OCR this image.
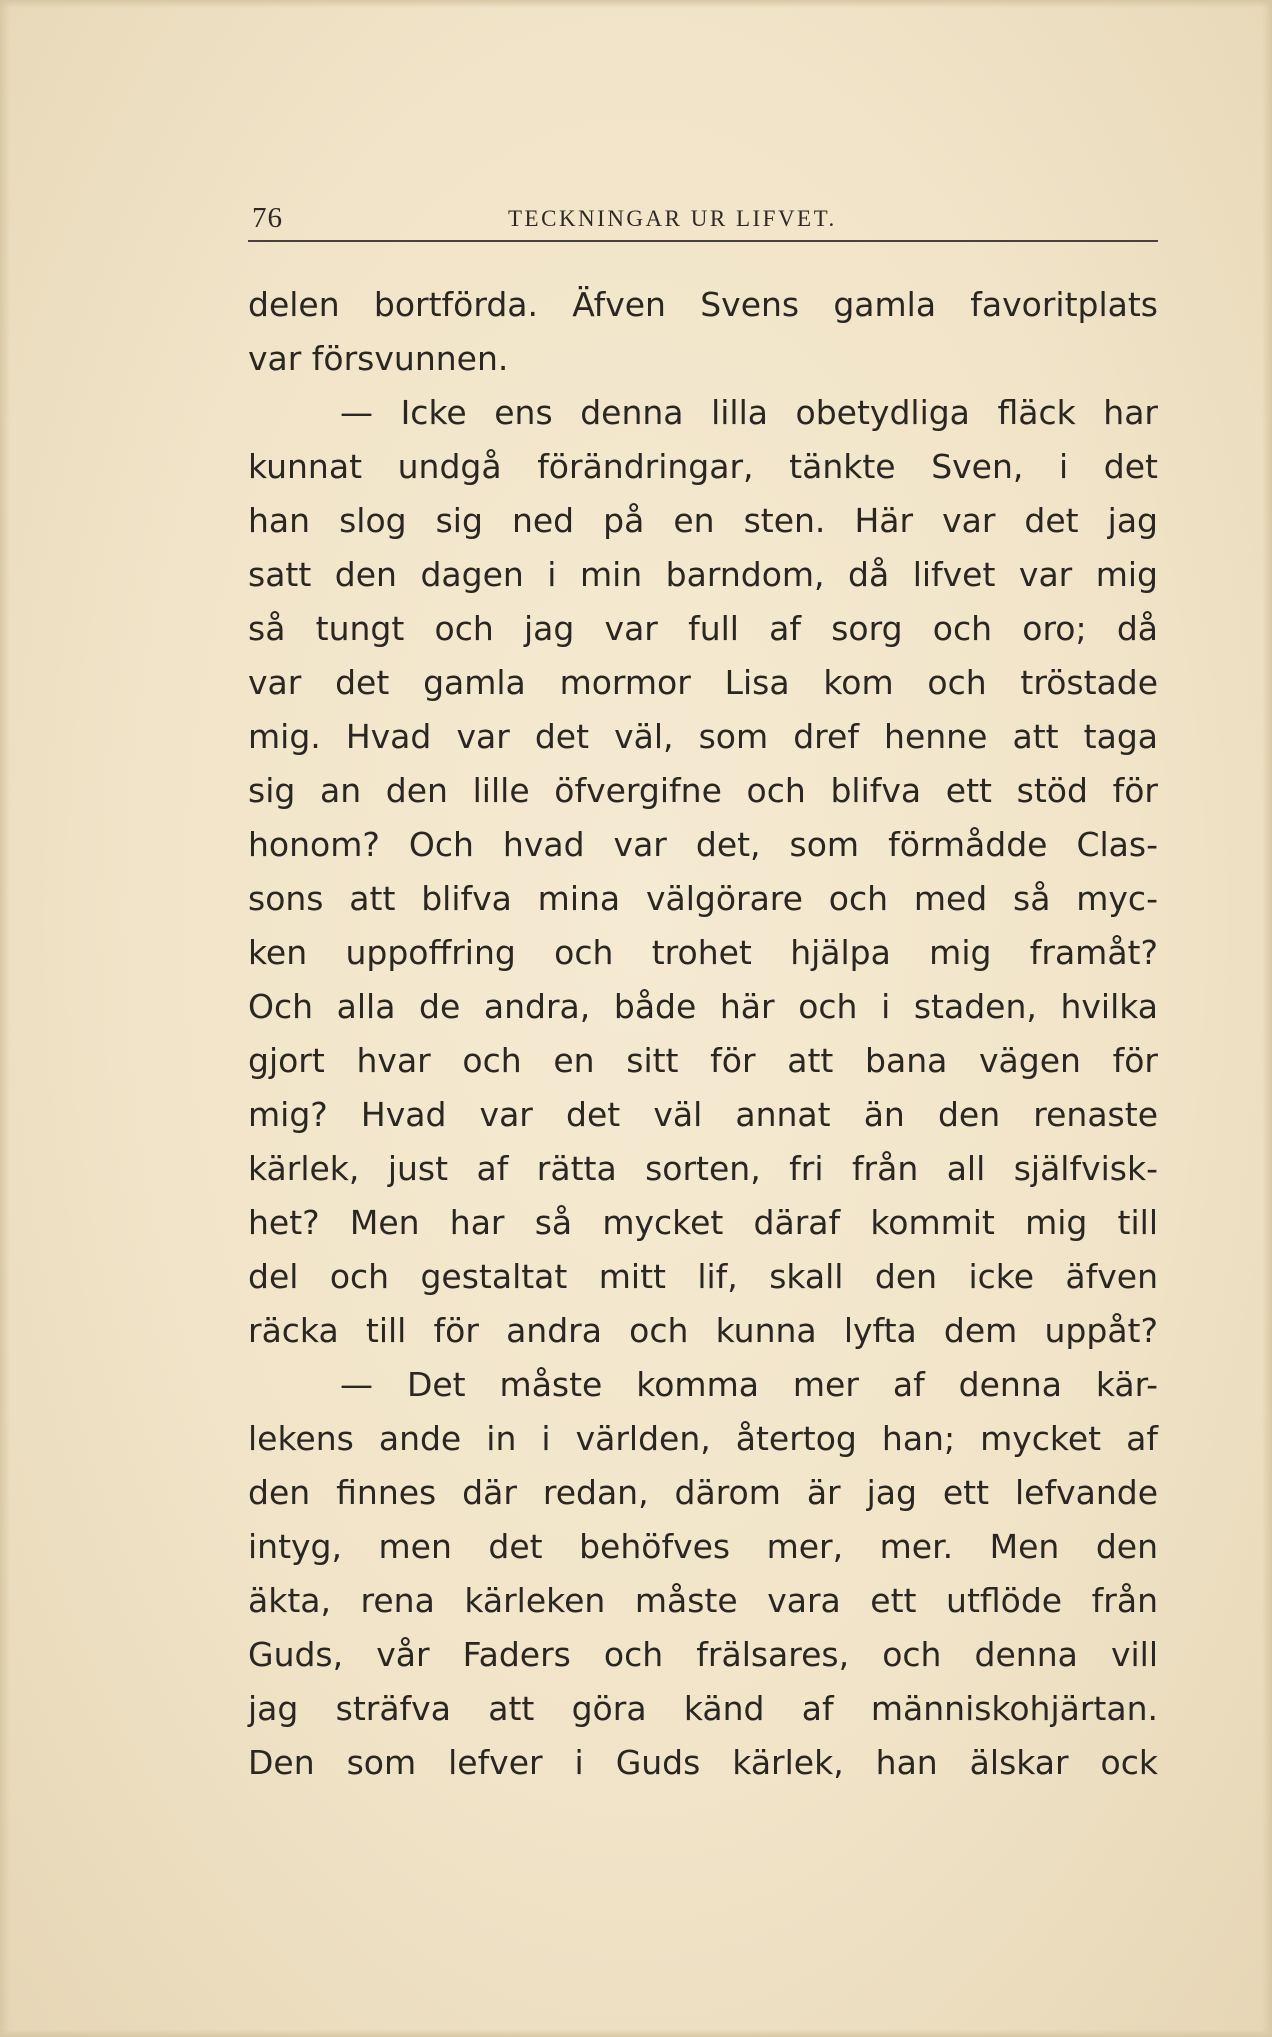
76	TECKNINGAR UR LIFVET.
delen bortförda. Äfven Svens gamla favoritplats
var försvunnen.
— Icke ens denna lilla obetydliga fläck har
kunnat undgå förändringar, tänkte Sven, i det
han slog sig ned på en sten. Här var det jag
satt den dagen i min barndom, då lifvet var mig
så tungt och jag var full af sorg och oro; då
var det gamla mormor Lisa kom och tröstade
mig. Hvad var det väl, som dref henne att taga
sig an den lille öfvergifne och blifva ett stöd för
honom? Och hvad var det, som förmådde Clas-
sons att blifva mina välgörare och med så myc-
ken uppoffring och trohet hjälpa mig framåt?
Och alla de andra, både här och i staden, hvilka
gjort hvar och en sitt för att bana vägen för
mig? Hvad var det väl annat än den renaste
kärlek, just af rätta sorten, fri från all själfvisk-
het? Men har så mycket däraf kommit mig till
del och gestaltat mitt lif, skall den icke äfven
räcka till för andra och kunna lyfta dem uppåt?
— Det måste komma mer af denna kär-
lekens ande in i världen, återtog han; mycket af
den finnes där redan, därom är jag ett lefvande
intyg, men det behöfves mer, mer. Men den
äkta, rena kärleken måste vara ett utflöde från
Guds, vår Faders och frälsares, och denna vill
jag sträfva att göra känd af människohjärtan.
Den som lefver i Guds kärlek, han älskar ock
